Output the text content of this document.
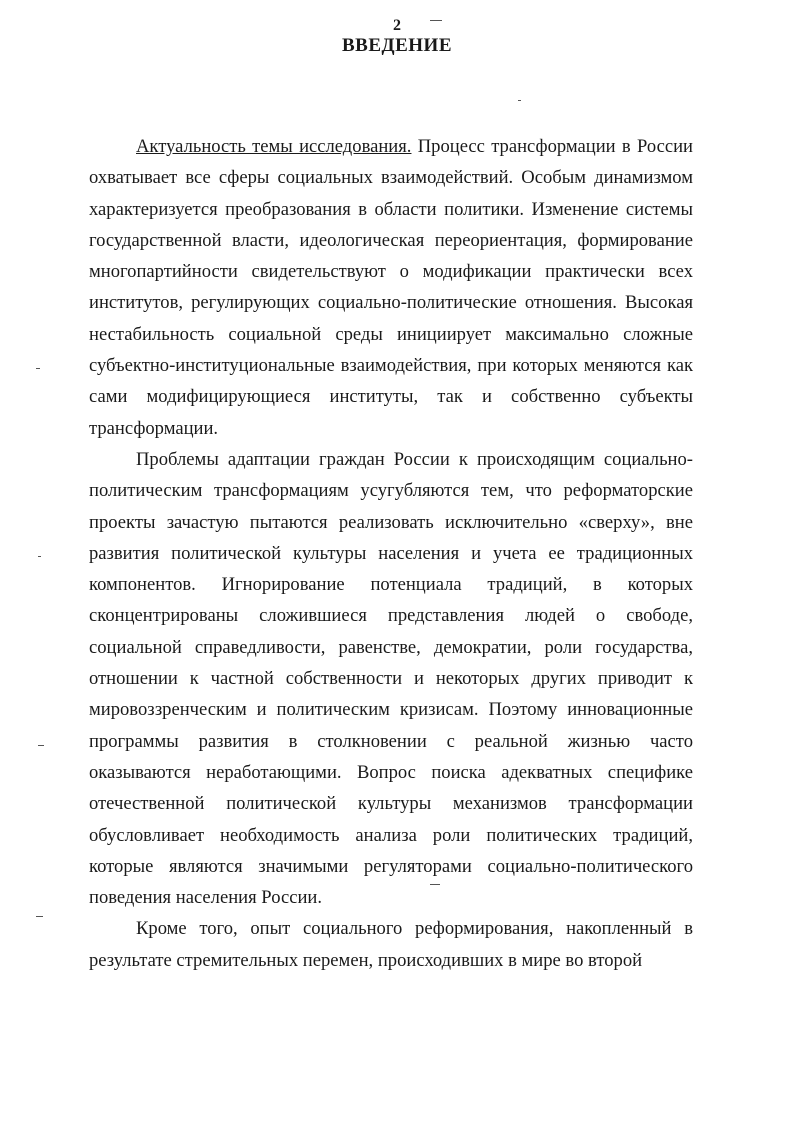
2
ВВЕДЕНИЕ

Актуальность темы исследования. Процесс трансформации в России охватывает все сферы социальных взаимодействий. Особым динамизмом характеризуется преобразования в области политики. Изменение системы государственной власти, идеологическая переориентация, формирование многопартийности свидетельствуют о модификации практически всех институтов, регулирующих социально-политические отношения. Высокая нестабильность социальной среды инициирует максимально сложные субъектно-институциональные взаимодействия, при которых меняются как сами модифицирующиеся институты, так и собственно субъекты трансформации.

Проблемы адаптации граждан России к происходящим социально-политическим трансформациям усугубляются тем, что реформаторские проекты зачастую пытаются реализовать исключительно «сверху», вне развития политической культуры населения и учета ее традиционных компонентов. Игнорирование потенциала традиций, в которых сконцентрированы сложившиеся представления людей о свободе, социальной справедливости, равенстве, демократии, роли государства, отношении к частной собственности и некоторых других приводит к мировоззренческим и политическим кризисам. Поэтому инновационные программы развития в столкновении с реальной жизнью часто оказываются неработающими. Вопрос поиска адекватных специфике отечественной политической культуры механизмов трансформации обусловливает необходимость анализа роли политических традиций, которые являются значимыми регуляторами социально-политического поведения населения России.

Кроме того, опыт социального реформирования, накопленный в результате стремительных перемен, происходивших в мире во второй
